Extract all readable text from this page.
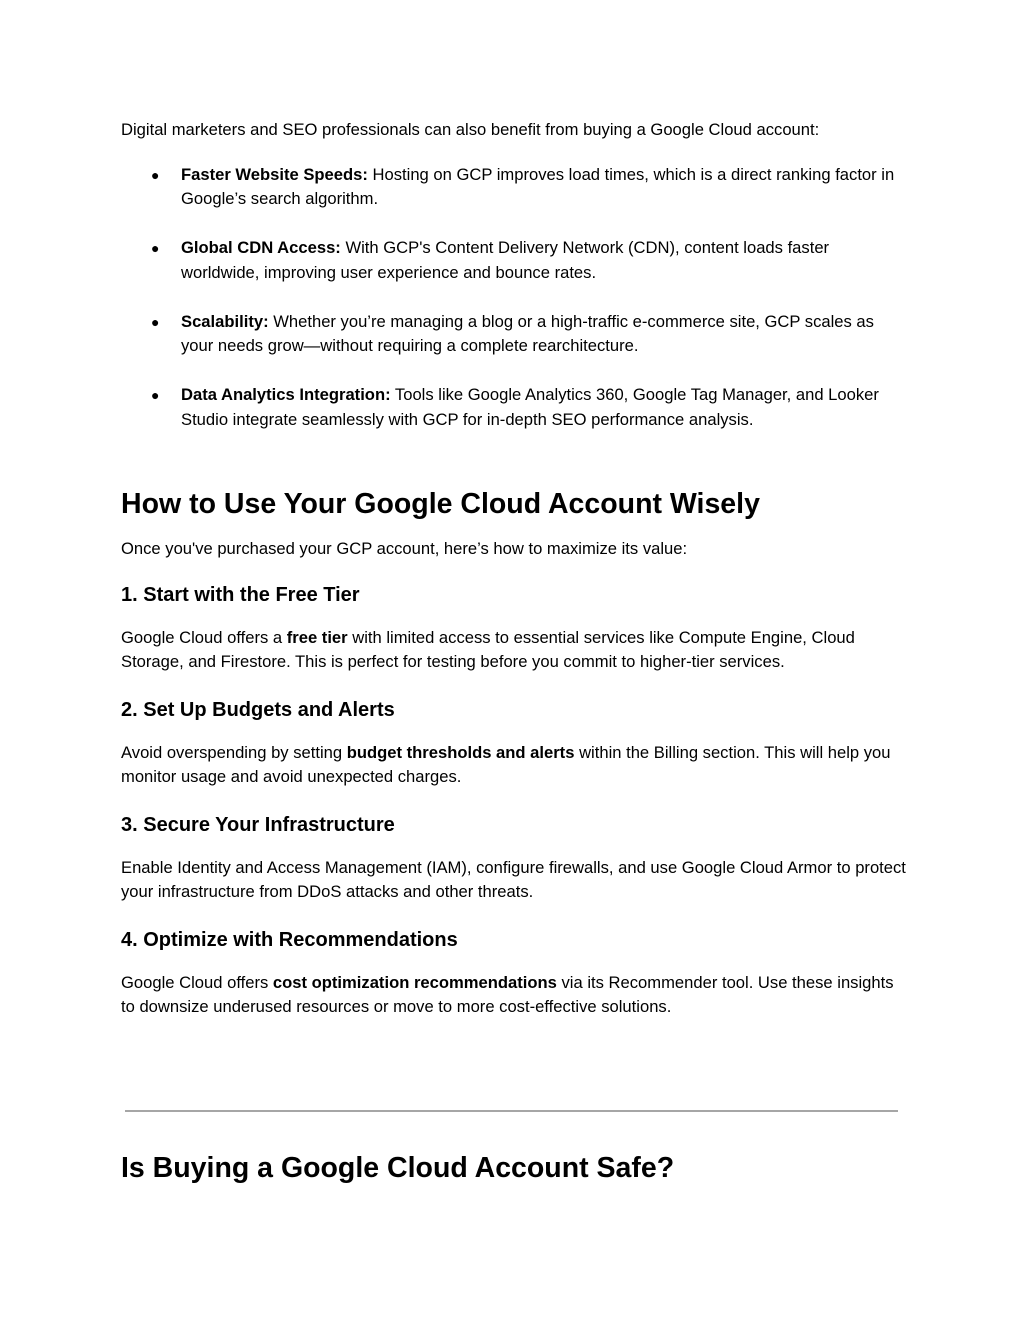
Digital marketers and SEO professionals can also benefit from buying a Google Cloud account:

● Faster Website Speeds: Hosting on GCP improves load times, which is a direct ranking factor in Google’s search algorithm.
● Global CDN Access: With GCP's Content Delivery Network (CDN), content loads faster worldwide, improving user experience and bounce rates.
● Scalability: Whether you’re managing a blog or a high-traffic e-commerce site, GCP scales as your needs grow—without requiring a complete rearchitecture.
● Data Analytics Integration: Tools like Google Analytics 360, Google Tag Manager, and Looker Studio integrate seamlessly with GCP for in-depth SEO performance analysis.
How to Use Your Google Cloud Account Wisely

Once you've purchased your GCP account, here’s how to maximize its value:

1. Start with the Free Tier

Google Cloud offers a free tier with limited access to essential services like Compute Engine, Cloud Storage, and Firestore. This is perfect for testing before you commit to higher-tier services.

2. Set Up Budgets and Alerts

Avoid overspending by setting budget thresholds and alerts within the Billing section. This will help you monitor usage and avoid unexpected charges.

3. Secure Your Infrastructure

Enable Identity and Access Management (IAM), configure firewalls, and use Google Cloud Armor to protect your infrastructure from DDoS attacks and other threats.

4. Optimize with Recommendations

Google Cloud offers cost optimization recommendations via its Recommender tool. Use these insights to downsize underused resources or move to more cost-effective solutions.

Is Buying a Google Cloud Account Safe?
